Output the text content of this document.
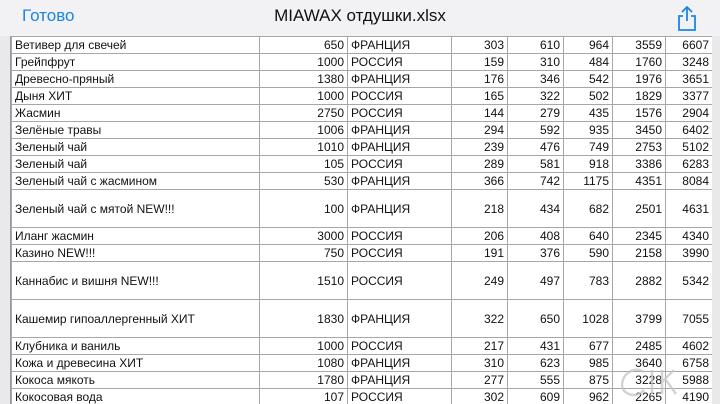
Готово	MIAWAX отдушки.xlsx
Ветивер для свечей	650	ФРАНЦИЯ	303	610	964	3559	6607
Грейпфрут	1000	РОССИЯ	159	310	484	1760	3248
Древесно-пряный	1380	ФРАНЦИЯ	176	346	542	1976	3651
Дыня ХИТ	1000	РОССИЯ	165	322	502	1829	3377
Жасмин	2750	РОССИЯ	144	279	435	1576	2904
Зелёные травы	1006	ФРАНЦИЯ	294	592	935	3450	6402
Зеленый чай	1010	ФРАНЦИЯ	239	476	749	2753	5102
Зеленый чай	105	РОССИЯ	289	581	918	3386	6283
Зеленый чай с жасмином	530	ФРАНЦИЯ	366	742	1175	4351	8084
Зеленый чай с мятой NEW!!!	100	ФРАНЦИЯ	218	434	682	2501	4631
Иланг жасмин	3000	РОССИЯ	206	408	640	2345	4340
Казино NEW!!!	750	РОССИЯ	191	376	590	2158	3990
Каннабис и вишня NEW!!!	1510	РОССИЯ	249	497	783	2882	5342
Кашемир гипоаллергенный ХИТ	1830	ФРАНЦИЯ	322	650	1028	3799	7055
Клубника и ваниль	1000	РОССИЯ	217	431	677	2485	4602
Кожа и древесина ХИТ	1080	ФРАНЦИЯ	310	623	985	3640	6758
Кокоса мякоть	1780	ФРАНЦИЯ	277	555	875	3228	5988
Кокосовая вода	107	РОССИЯ	302	609	962	2265	4190
